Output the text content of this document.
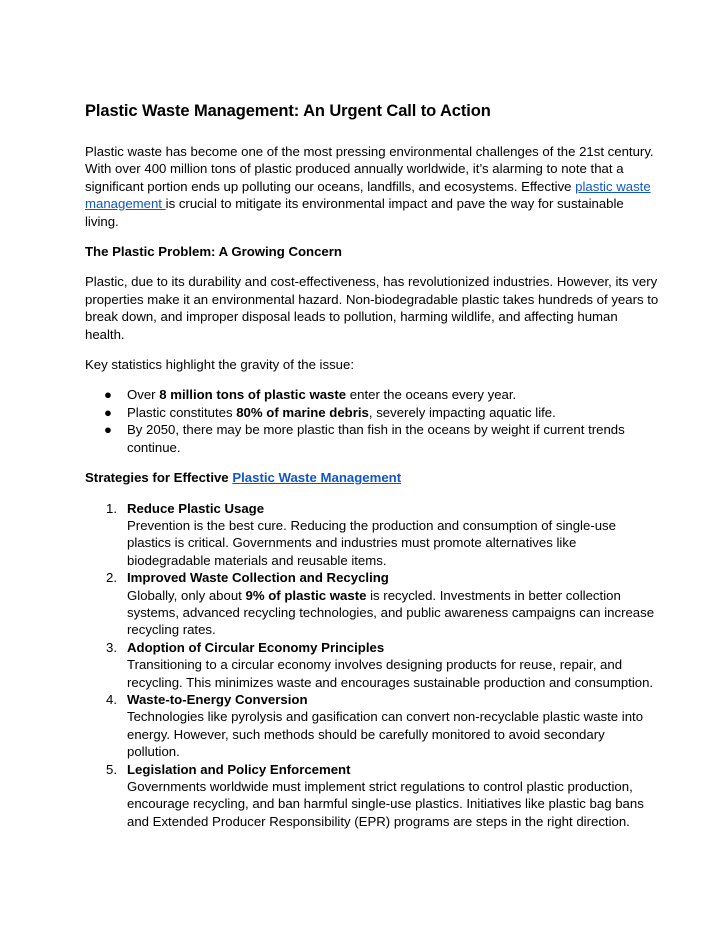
Plastic Waste Management: An Urgent Call to Action

Plastic waste has become one of the most pressing environmental challenges of the 21st century. With over 400 million tons of plastic produced annually worldwide, it’s alarming to note that a significant portion ends up polluting our oceans, landfills, and ecosystems. Effective plastic waste management is crucial to mitigate its environmental impact and pave the way for sustainable living.

The Plastic Problem: A Growing Concern

Plastic, due to its durability and cost-effectiveness, has revolutionized industries. However, its very properties make it an environmental hazard. Non-biodegradable plastic takes hundreds of years to break down, and improper disposal leads to pollution, harming wildlife, and affecting human health.

Key statistics highlight the gravity of the issue:

● Over 8 million tons of plastic waste enter the oceans every year.
● Plastic constitutes 80% of marine debris, severely impacting aquatic life.
● By 2050, there may be more plastic than fish in the oceans by weight if current trends continue.
Strategies for Effective Plastic Waste Management
1. Reduce Plastic Usage
Prevention is the best cure. Reducing the production and consumption of single-use plastics is critical. Governments and industries must promote alternatives like biodegradable materials and reusable items.
2. Improved Waste Collection and Recycling
Globally, only about 9% of plastic waste is recycled. Investments in better collection systems, advanced recycling technologies, and public awareness campaigns can increase recycling rates.
3. Adoption of Circular Economy Principles
Transitioning to a circular economy involves designing products for reuse, repair, and recycling. This minimizes waste and encourages sustainable production and consumption.
4. Waste-to-Energy Conversion
Technologies like pyrolysis and gasification can convert non-recyclable plastic waste into energy. However, such methods should be carefully monitored to avoid secondary pollution.
5. Legislation and Policy Enforcement
Governments worldwide must implement strict regulations to control plastic production, encourage recycling, and ban harmful single-use plastics. Initiatives like plastic bag bans and Extended Producer Responsibility (EPR) programs are steps in the right direction.
